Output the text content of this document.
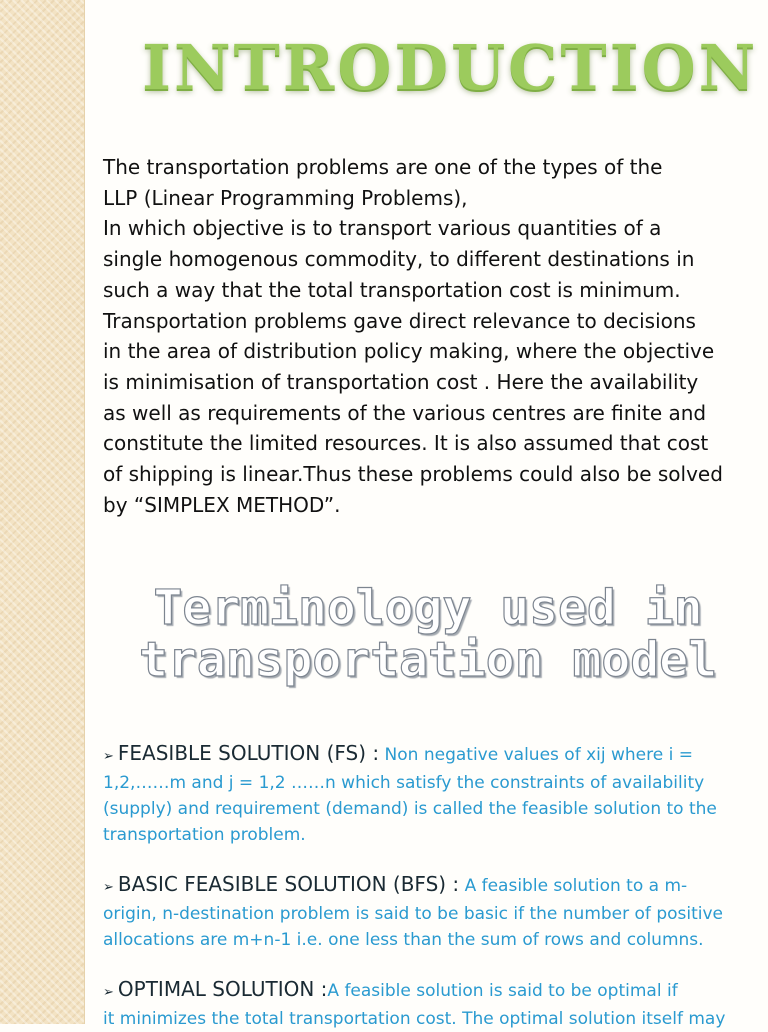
INTRODUCTION

The transportation problems are one of the types of the
LLP (Linear Programming Problems),
In which objective is to transport various quantities of a
single homogenous commodity, to different destinations in
such a way that the total transportation cost is minimum.
Transportation problems gave direct relevance to decisions
in the area of distribution policy making, where the objective
is minimisation of transportation cost . Here the availability
as well as requirements of the various centres are finite and
constitute the limited resources. It is also assumed that cost
of shipping is linear.Thus these problems could also be solved
by “SIMPLEX METHOD”.

Terminology used in
transportation model
➢ FEASIBLE SOLUTION (FS) : Non negative values of xij where i =
1,2,……m and j = 1,2 ……n which satisfy the constraints of availability
(supply) and requirement (demand) is called the feasible solution to the
transportation problem.
➢ BASIC FEASIBLE SOLUTION (BFS) : A feasible solution to a m-
origin, n-destination problem is said to be basic if the number of positive
allocations are m+n-1 i.e. one less than the sum of rows and columns.
➢ OPTIMAL SOLUTION :A feasible solution is said to be optimal if
it minimizes the total transportation cost. The optimal solution itself may
